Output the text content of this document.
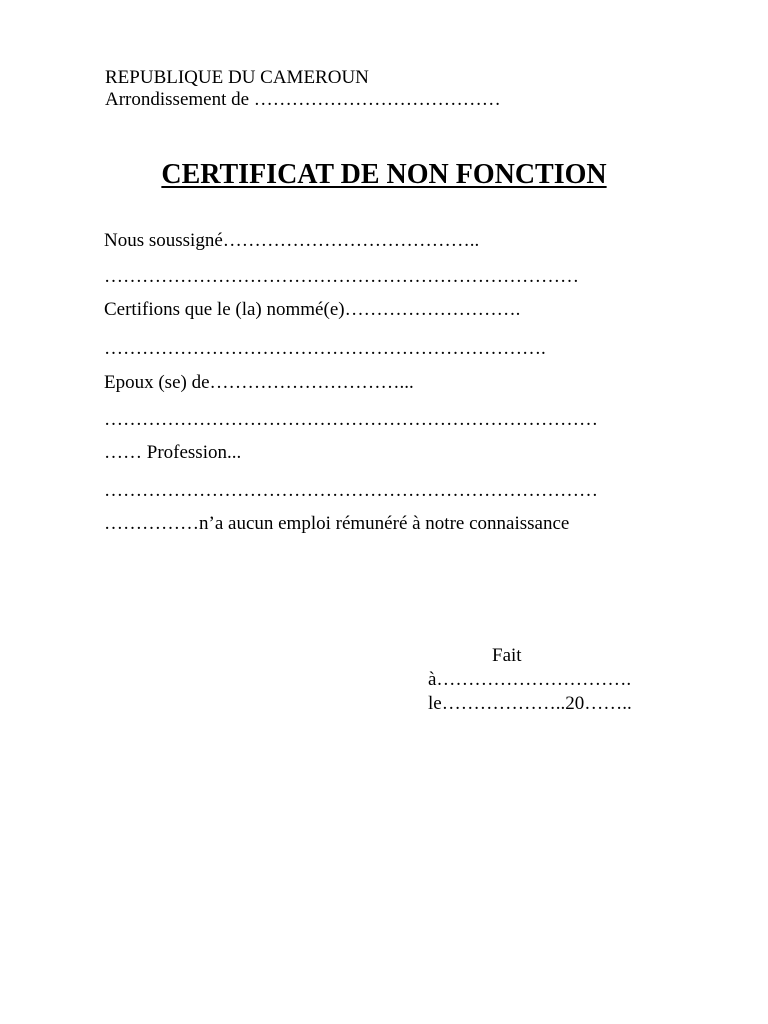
REPUBLIQUE DU CAMEROUN
Arrondissement de …………………………………
CERTIFICAT DE NON FONCTION
Nous soussigné…………………………………..
…………………………………………………………………
Certifions que le (la) nommé(e)……………………….
…………………………………………………………….
Epoux (se) de…………………………...
……………………………………………………………………
…… Profession...
……………………………………………………………………
……………n’a aucun emploi rémunéré à notre connaissance
Fait
à………………………….
le………………..20……..
